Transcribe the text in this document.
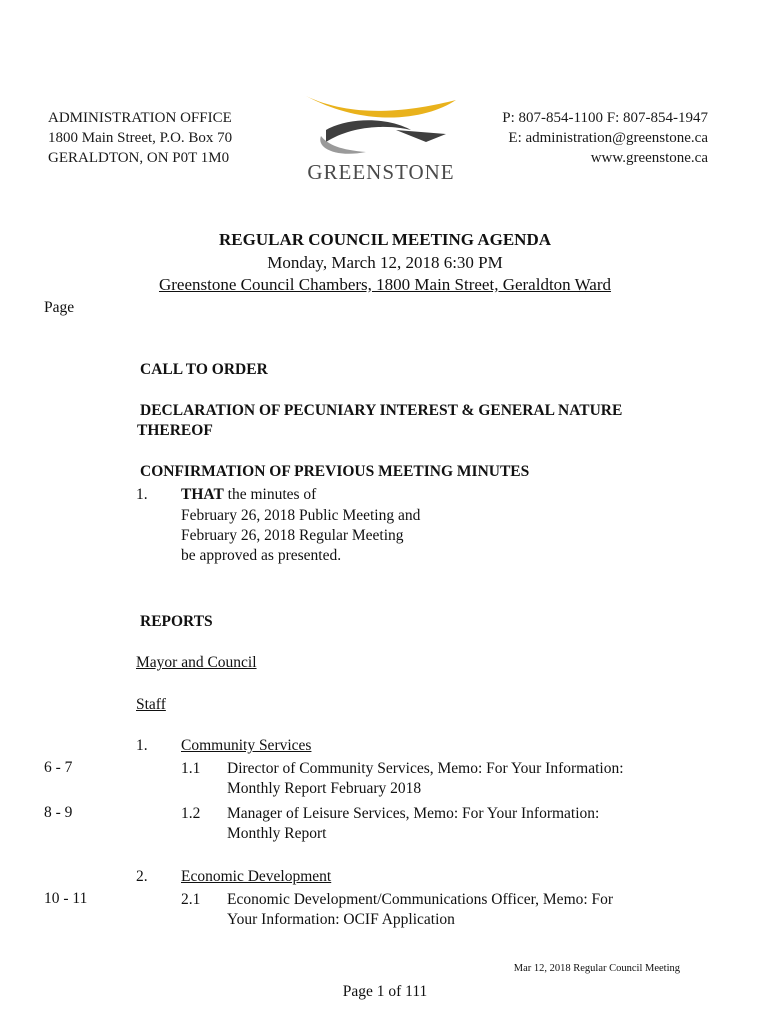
ADMINISTRATION OFFICE
1800 Main Street, P.O. Box 70
GERALDTON, ON P0T 1M0
GREENSTONE
P: 807-854-1100 F: 807-854-1947
E: administration@greenstone.ca
www.greenstone.ca
REGULAR COUNCIL MEETING AGENDA
Monday, March 12, 2018 6:30 PM
Greenstone Council Chambers, 1800 Main Street, Geraldton Ward
Page
CALL TO ORDER
DECLARATION OF PECUNIARY INTEREST & GENERAL NATURE
THEREOF
CONFIRMATION OF PREVIOUS MEETING MINUTES
1. THAT the minutes of
February 26, 2018 Public Meeting and
February 26, 2018 Regular Meeting
be approved as presented.
REPORTS
Mayor and Council
Staff
1. Community Services
6 - 7	1.1 Director of Community Services, Memo: For Your Information:
Monthly Report February 2018
8 - 9	1.2 Manager of Leisure Services, Memo: For Your Information:
Monthly Report
2. Economic Development
10 - 11	2.1 Economic Development/Communications Officer, Memo: For
Your Information: OCIF Application
Mar 12, 2018 Regular Council Meeting
Page 1 of 111
